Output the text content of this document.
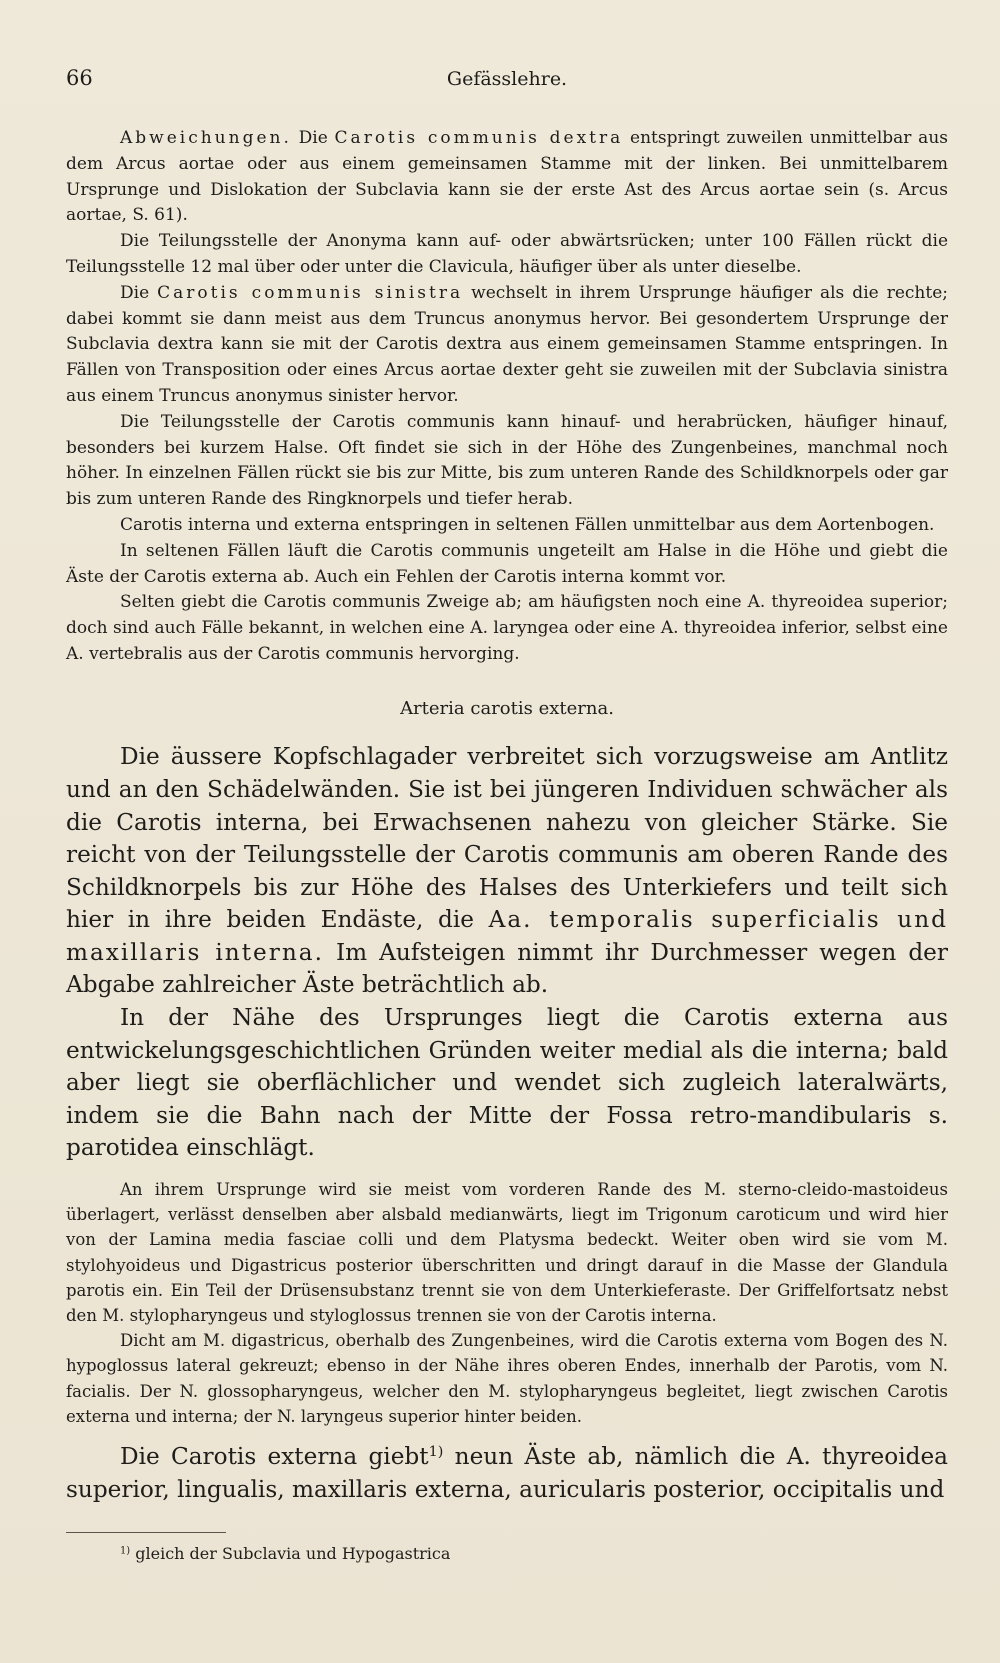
66	Gefässlehre.

Abweichungen. Die Carotis communis dextra entspringt zuweilen unmittelbar aus dem Arcus aortae oder aus einem gemeinsamen Stamme mit der linken. Bei unmittelbarem Ursprunge und Dislokation der Subclavia kann sie der erste Ast des Arcus aortae sein (s. Arcus aortae, S. 61).

Die Teilungsstelle der Anonyma kann auf- oder abwärtsrücken; unter 100 Fällen rückt die Teilungsstelle 12 mal über oder unter die Clavicula, häufiger über als unter dieselbe.

Die Carotis communis sinistra wechselt in ihrem Ursprunge häufiger als die rechte; dabei kommt sie dann meist aus dem Truncus anonymus hervor. Bei gesondertem Ursprunge der Subclavia dextra kann sie mit der Carotis dextra aus einem gemeinsamen Stamme entspringen. In Fällen von Transposition oder eines Arcus aortae dexter geht sie zuweilen mit der Subclavia sinistra aus einem Truncus anonymus sinister hervor.

Die Teilungsstelle der Carotis communis kann hinauf- und herabrücken, häufiger hinauf, besonders bei kurzem Halse. Oft findet sie sich in der Höhe des Zungenbeines, manchmal noch höher. In einzelnen Fällen rückt sie bis zur Mitte, bis zum unteren Rande des Schildknorpels oder gar bis zum unteren Rande des Ringknorpels und tiefer herab.

Carotis interna und externa entspringen in seltenen Fällen unmittelbar aus dem Aortenbogen.

In seltenen Fällen läuft die Carotis communis ungeteilt am Halse in die Höhe und giebt die Äste der Carotis externa ab. Auch ein Fehlen der Carotis interna kommt vor.

Selten giebt die Carotis communis Zweige ab; am häufigsten noch eine A. thyreoidea superior; doch sind auch Fälle bekannt, in welchen eine A. laryngea oder eine A. thyreoidea inferior, selbst eine A. vertebralis aus der Carotis communis hervorging.

Arteria carotis externa.

Die äussere Kopfschlagader verbreitet sich vorzugsweise am Antlitz und an den Schädelwänden. Sie ist bei jüngeren Individuen schwächer als die Carotis interna, bei Erwachsenen nahezu von gleicher Stärke. Sie reicht von der Teilungsstelle der Carotis communis am oberen Rande des Schildknorpels bis zur Höhe des Halses des Unterkiefers und teilt sich hier in ihre beiden Endäste, die Aa. temporalis superficialis und maxillaris interna. Im Aufsteigen nimmt ihr Durchmesser wegen der Abgabe zahlreicher Äste beträchtlich ab.

In der Nähe des Ursprunges liegt die Carotis externa aus entwickelungsgeschichtlichen Gründen weiter medial als die interna; bald aber liegt sie oberflächlicher und wendet sich zugleich lateralwärts, indem sie die Bahn nach der Mitte der Fossa retro-mandibularis s. parotidea einschlägt.

An ihrem Ursprunge wird sie meist vom vorderen Rande des M. sterno-cleido-mastoideus überlagert, verlässt denselben aber alsbald medianwärts, liegt im Trigonum caroticum und wird hier von der Lamina media fasciae colli und dem Platysma bedeckt. Weiter oben wird sie vom M. stylohyoideus und Digastricus posterior überschritten und dringt darauf in die Masse der Glandula parotis ein. Ein Teil der Drüsensubstanz trennt sie von dem Unterkieferaste. Der Griffelfortsatz nebst den M. stylopharyngeus und styloglossus trennen sie von der Carotis interna.

Dicht am M. digastricus, oberhalb des Zungenbeines, wird die Carotis externa vom Bogen des N. hypoglossus lateral gekreuzt; ebenso in der Nähe ihres oberen Endes, innerhalb der Parotis, vom N. facialis. Der N. glossopharyngeus, welcher den M. stylopharyngeus begleitet, liegt zwischen Carotis externa und interna; der N. laryngeus superior hinter beiden.

Die Carotis externa giebt$^{1)}$ neun Äste ab, nämlich die A. thyreoidea superior, lingualis, maxillaris externa, auricularis posterior, occipitalis und

$^{1)}$ gleich der Subclavia und Hypogastrica
